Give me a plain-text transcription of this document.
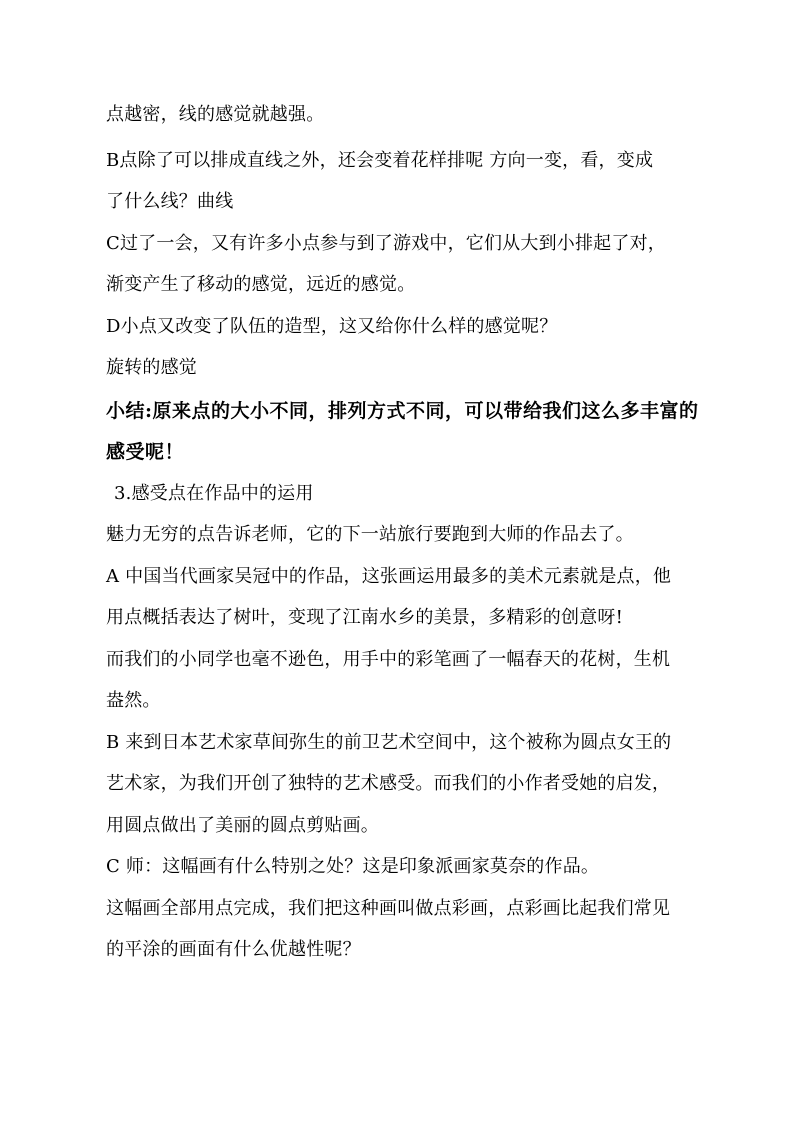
点越密，线的感觉就越强。
B点除了可以排成直线之外，还会变着花样排呢 方向一变，看，变成
了什么线？曲线
C过了一会，又有许多小点参与到了游戏中，它们从大到小排起了对，
渐变产生了移动的感觉，远近的感觉。
D小点又改变了队伍的造型，这又给你什么样的感觉呢？
旋转的感觉
小结:原来点的大小不同，排列方式不同，可以带给我们这么多丰富的
感受呢！
3.感受点在作品中的运用
魅力无穷的点告诉老师，它的下一站旅行要跑到大师的作品去了。
A 中国当代画家吴冠中的作品，这张画运用最多的美术元素就是点，他
用点概括表达了树叶，变现了江南水乡的美景，多精彩的创意呀!
而我们的小同学也毫不逊色，用手中的彩笔画了一幅春天的花树，生机
盎然。
B 来到日本艺术家草间弥生的前卫艺术空间中，这个被称为圆点女王的
艺术家，为我们开创了独特的艺术感受。而我们的小作者受她的启发，
用圆点做出了美丽的圆点剪贴画。
C 师：这幅画有什么特别之处？这是印象派画家莫奈的作品。
这幅画全部用点完成，我们把这种画叫做点彩画，点彩画比起我们常见
的平涂的画面有什么优越性呢？
